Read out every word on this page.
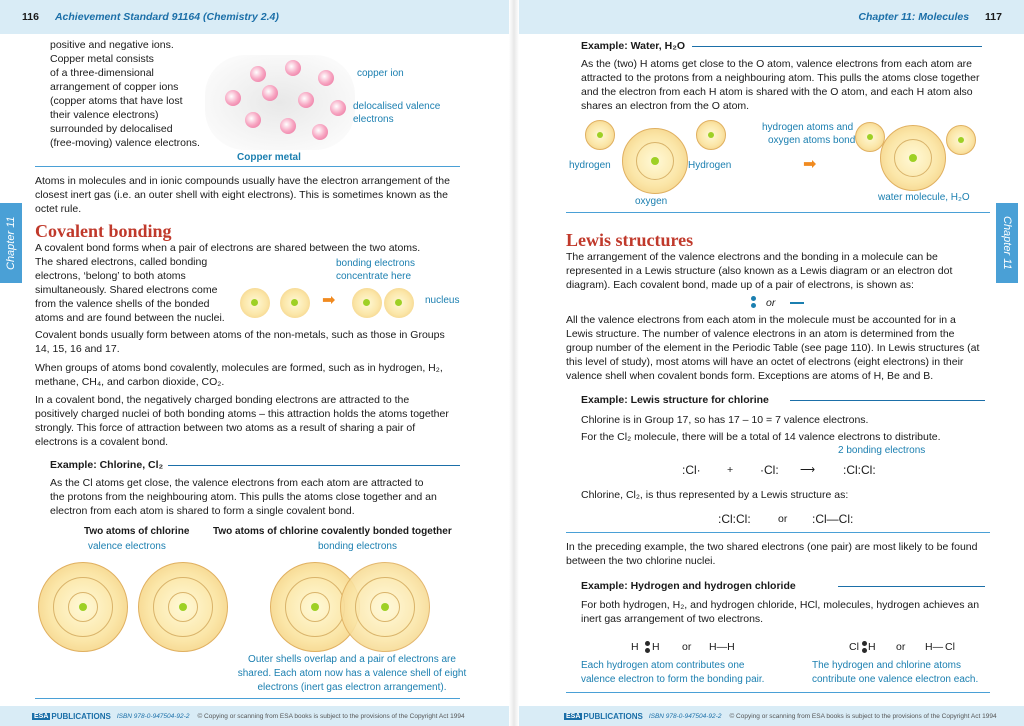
116 Achievement Standard 91164 (Chemistry 2.4)	Chapter 11: Molecules 117
Chapter 11	Chapter 11
positive and negative ions.
Copper metal consists
of a three-dimensional
arrangement of copper ions
(copper atoms that have lost
their valence electrons)
surrounded by delocalised
(free-moving) valence electrons.
copper ion
delocalised valence
electrons
Copper metal
Atoms in molecules and in ionic compounds usually have the electron arrangement of the
closest inert gas (i.e. an outer shell with eight electrons). This is sometimes known as the
octet rule.
Covalent bonding
A covalent bond forms when a pair of electrons are shared between the two atoms.
The shared electrons, called bonding
electrons, ‘belong’ to both atoms
simultaneously. Shared electrons come
from the valence shells of the bonded
atoms and are found between the nuclei.
bonding electrons
concentrate here
nucleus
➡
Covalent bonds usually form between atoms of the non-metals, such as those in Groups
14, 15, 16 and 17.
When groups of atoms bond covalently, molecules are formed, such as in hydrogen, H₂,
methane, CH₄, and carbon dioxide, CO₂.
In a covalent bond, the negatively charged bonding electrons are attracted to the
positively charged nuclei of both bonding atoms – this attraction holds the atoms together
strongly. This force of attraction between two atoms as a result of sharing a pair of
electrons is a covalent bond.
Example: Chlorine, Cl₂
As the Cl atoms get close, the valence electrons from each atom are attracted to
the protons from the neighbouring atom. This pulls the atoms close together and an
electron from each atom is shared to form a single covalent bond.
Two atoms of chlorine Two atoms of chlorine covalently bonded together
valence electrons	bonding electrons
Outer shells overlap and a pair of electrons are
shared. Each atom now has a valence shell of eight
electrons (inert gas electron arrangement).
Example: Water, H₂O
As the (two) H atoms get close to the O atom, valence electrons from each atom are
attracted to the protons from a neighbouring atom. This pulls the atoms close together
and the electron from each H atom is shared with the O atom, and each H atom also
shares an electron from the O atom.
➡
hydrogen	Hydrogen
oxygen
hydrogen atoms and
oxygen atoms bond
water molecule, H₂O
Lewis structures
The arrangement of the valence electrons and the bonding in a molecule can be
represented in a Lewis structure (also known as a Lewis diagram or an electron dot
diagram). Each covalent bond, made up of a pair of electrons, is shown as:
or
All the valence electrons from each atom in the molecule must be accounted for in a
Lewis structure. The number of valence electrons in an atom is determined from the
group number of the element in the Periodic Table (see page 110). In Lewis structures (at
this level of study), most atoms will have an octet of electrons (eight electrons) in their
valence shell when covalent bonds form. Exceptions are atoms of H, Be and B.
Example: Lewis structure for chlorine
Chlorine is in Group 17, so has 17 – 10 = 7 valence electrons.
For the Cl₂ molecule, there will be a total of 14 valence electrons to distribute.
2 bonding electrons
:Cl·	+ ·Cl: ⟶ :Cl:Cl:
Chlorine, Cl₂, is thus represented by a Lewis structure as:
:Cl:Cl:	or :Cl—Cl:
In the preceding example, the two shared electrons (one pair) are most likely to be found
between the two chlorine nuclei.
Example: Hydrogen and hydrogen chloride
For both hydrogen, H₂, and hydrogen chloride, HCl, molecules, hydrogen achieves an
inert gas arrangement of two electrons.
H H or H—H	Cl H or H— Cl
Each hydrogen atom contributes one
valence electron to form the bonding pair.
The hydrogen and chlorine atoms
contribute one valence electron each.
ESA PUBLICATIONS ISBN 978-0-947504-92-2 © Copying or scanning from ESA books is subject to the provisions of the Copyright Act 1994	ESA PUBLICATIONS ISBN 978-0-947504-92-2 © Copying or scanning from ESA books is subject to the provisions of the Copyright Act 1994
